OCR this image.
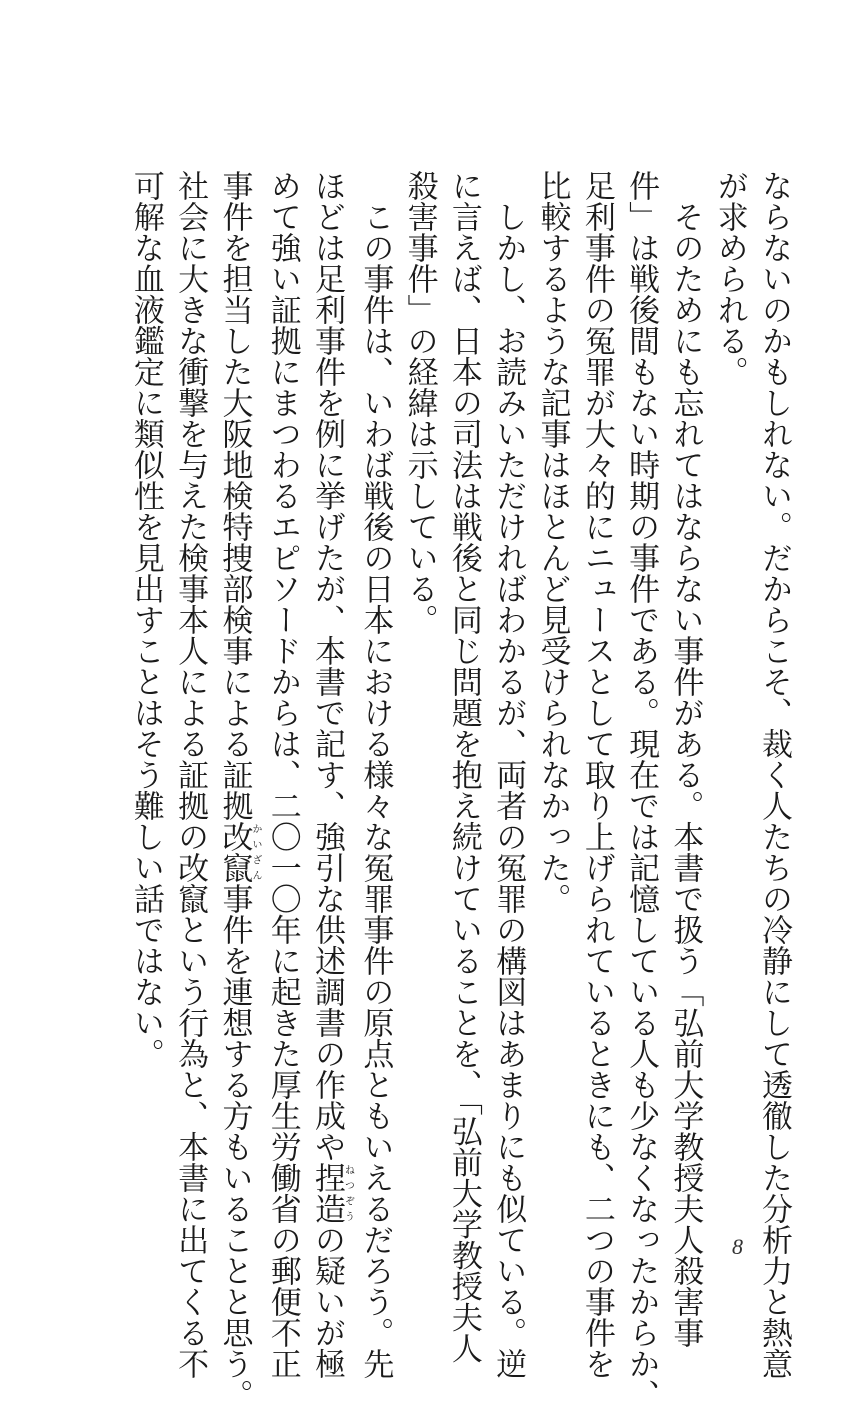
ならないのかもしれない。だからこそ、裁く人たちの冷静にして透徹した分析力と熱意
が求められる。
　そのためにも忘れてはならない事件がある。本書で扱う「弘前大学教授夫人殺害事
件」は戦後間もない時期の事件である。現在では記憶している人も少なくなったからか、
足利事件の冤罪が大々的にニュースとして取り上げられているときにも、二つの事件を
比較するような記事はほとんど見受けられなかった。
　しかし、お読みいただければわかるが、両者の冤罪の構図はあまりにも似ている。逆
に言えば、日本の司法は戦後と同じ問題を抱え続けていることを、「弘前大学教授夫人
殺害事件」の経緯は示している。
　この事件は、いわば戦後の日本における様々な冤罪事件の原点ともいえるだろう。先
ほどは足利事件を例に挙げたが、本書で記す、強引な供述調書の作成や捏造ねつぞうの疑いが極
めて強い証拠にまつわるエピソードからは、二〇一〇年に起きた厚生労働省の郵便不正
事件を担当した大阪地検特捜部検事による証拠改竄かいざん事件を連想する方もいることと思う。
社会に大きな衝撃を与えた検事本人による証拠の改竄という行為と、本書に出てくる不
可解な血液鑑定に類似性を見出すことはそう難しい話ではない。
8
